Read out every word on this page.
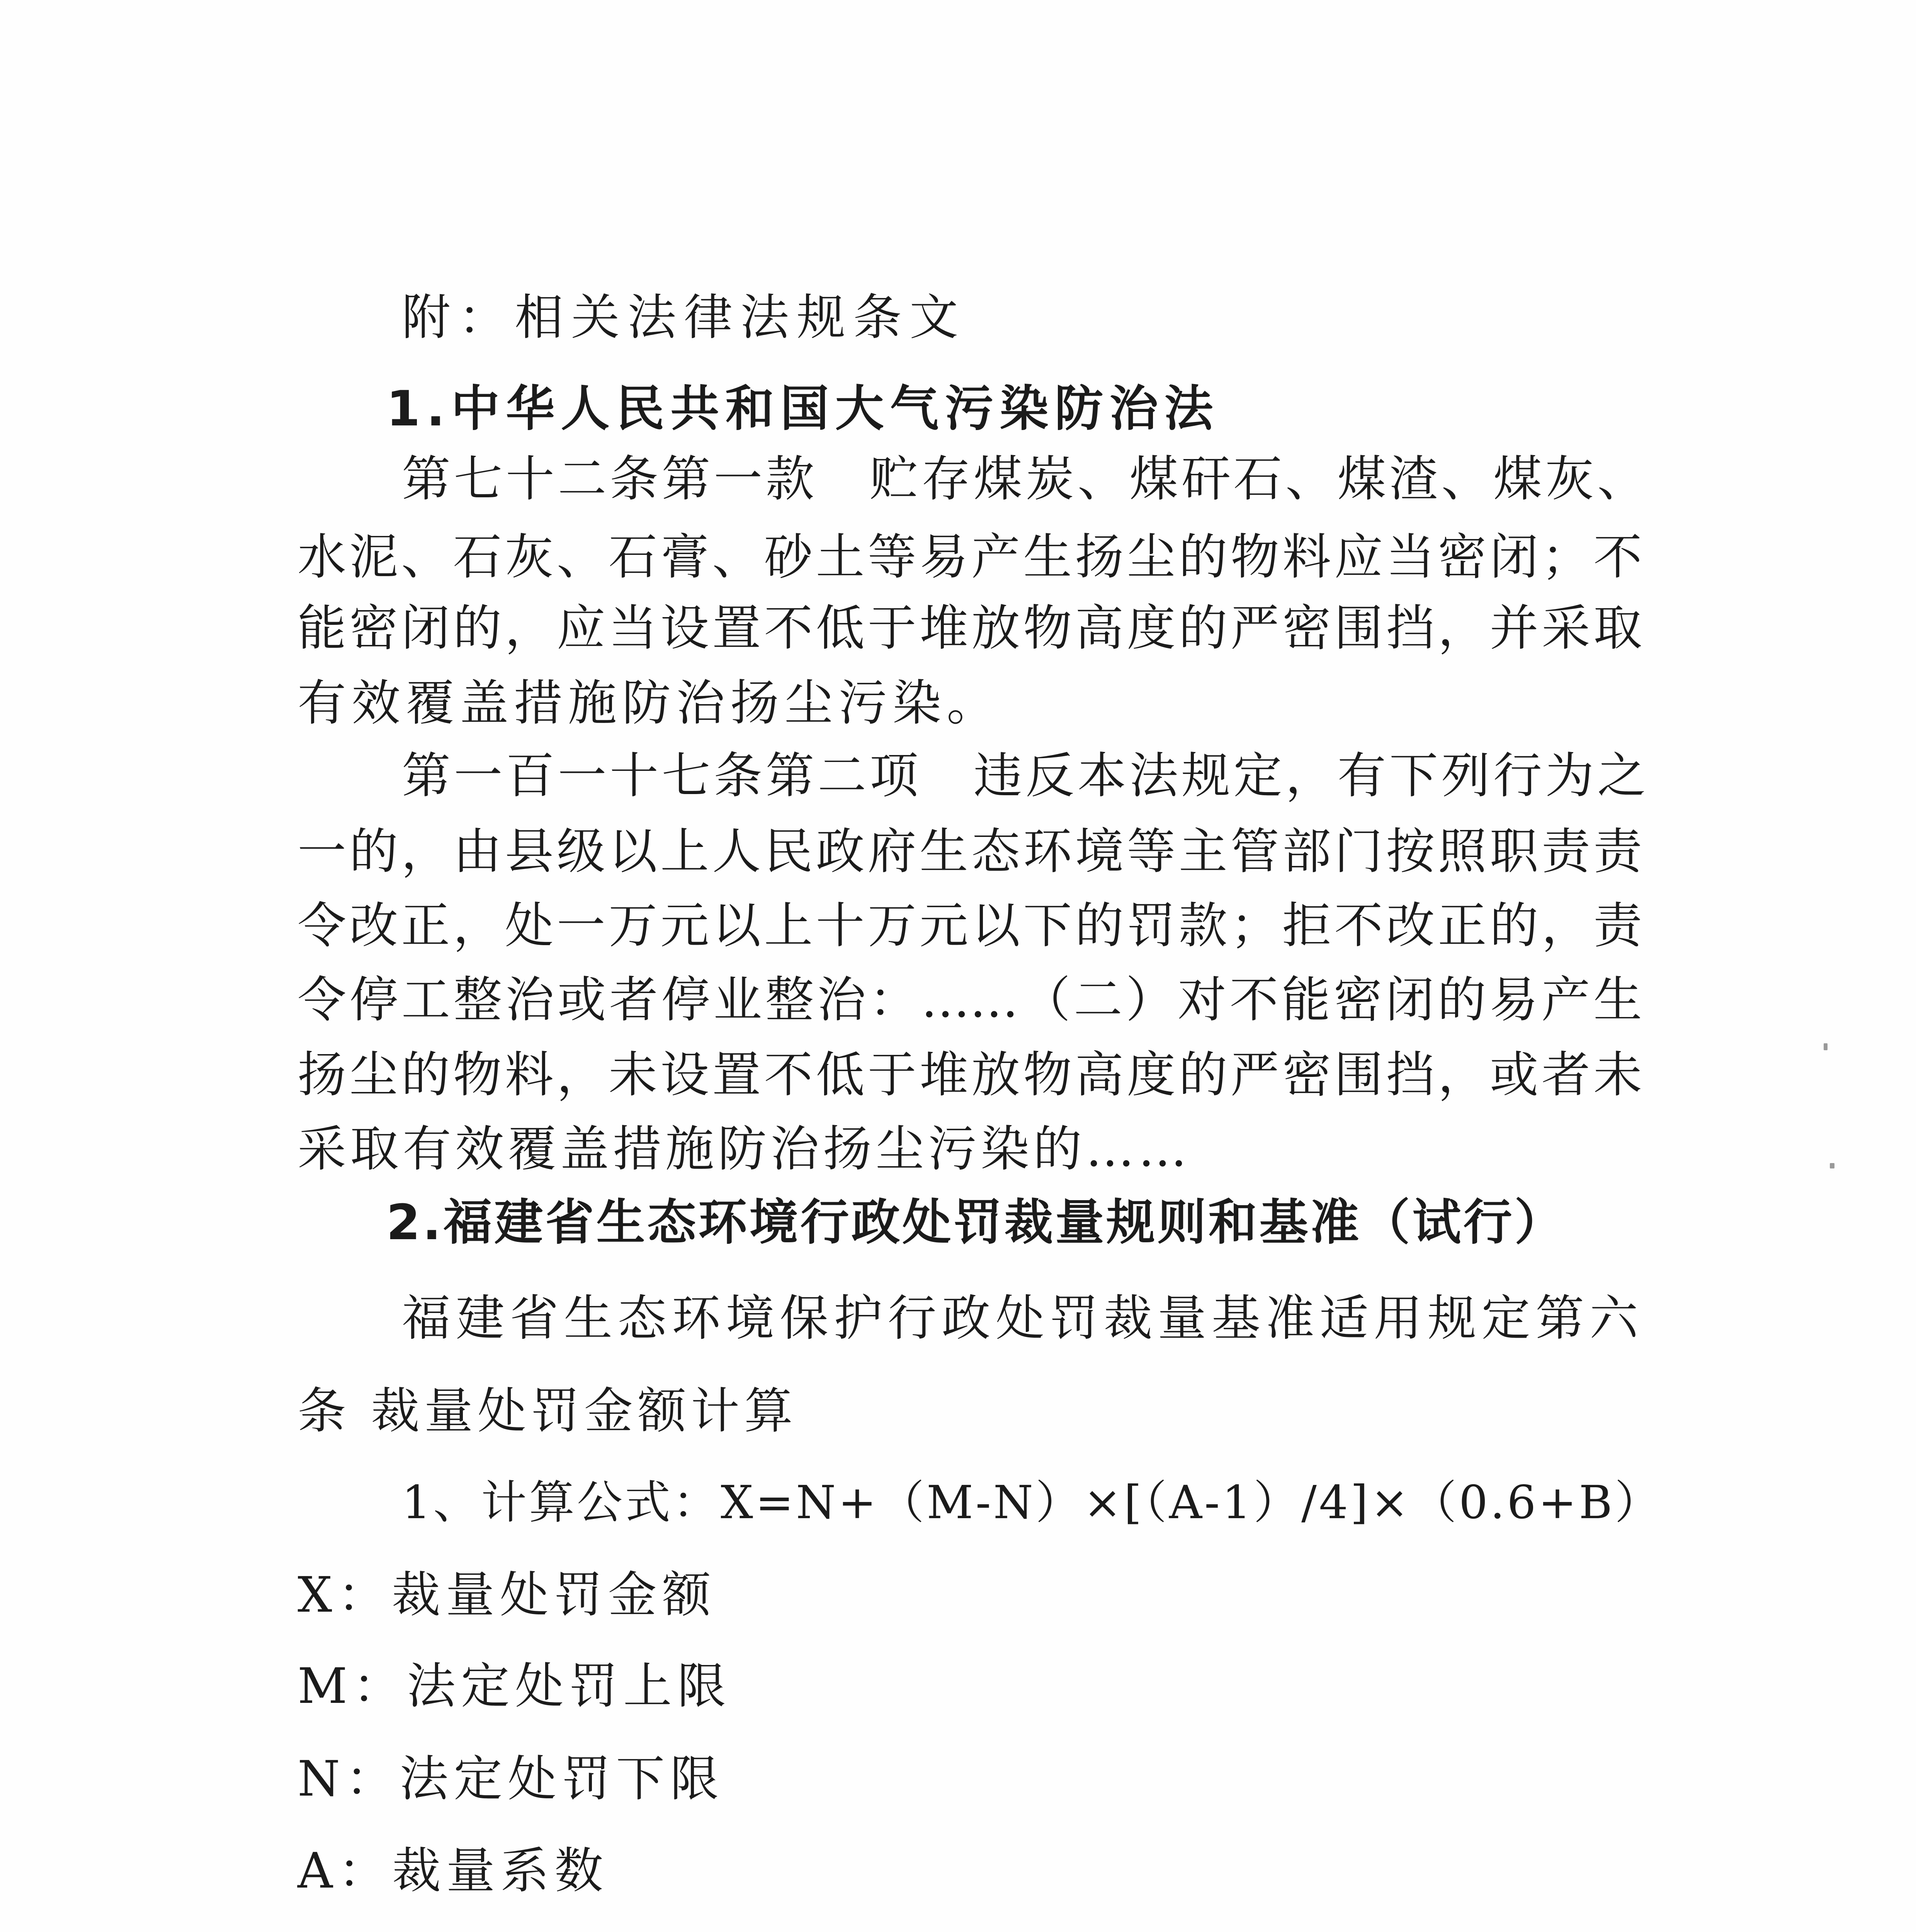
附：相关法律法规条文
1.中华人民共和国大气污染防治法
第七十二条第一款　贮存煤炭、煤矸石、煤渣、煤灰、
水泥、石灰、石膏、砂土等易产生扬尘的物料应当密闭；不
能密闭的，应当设置不低于堆放物高度的严密围挡，并采取
有效覆盖措施防治扬尘污染。
第一百一十七条第二项　违反本法规定，有下列行为之
一的，由县级以上人民政府生态环境等主管部门按照职责责
令改正，处一万元以上十万元以下的罚款；拒不改正的，责
令停工整治或者停业整治：……（二）对不能密闭的易产生
扬尘的物料，未设置不低于堆放物高度的严密围挡，或者未
采取有效覆盖措施防治扬尘污染的……
2.福建省生态环境行政处罚裁量规则和基准（试行）
福建省生态环境保护行政处罚裁量基准适用规定第六
条 裁量处罚金额计算
1、计算公式：X=N+（M-N）×[（A-1）/4]×（0.6+B）
X：裁量处罚金额
M：法定处罚上限
N：法定处罚下限
A：裁量系数
